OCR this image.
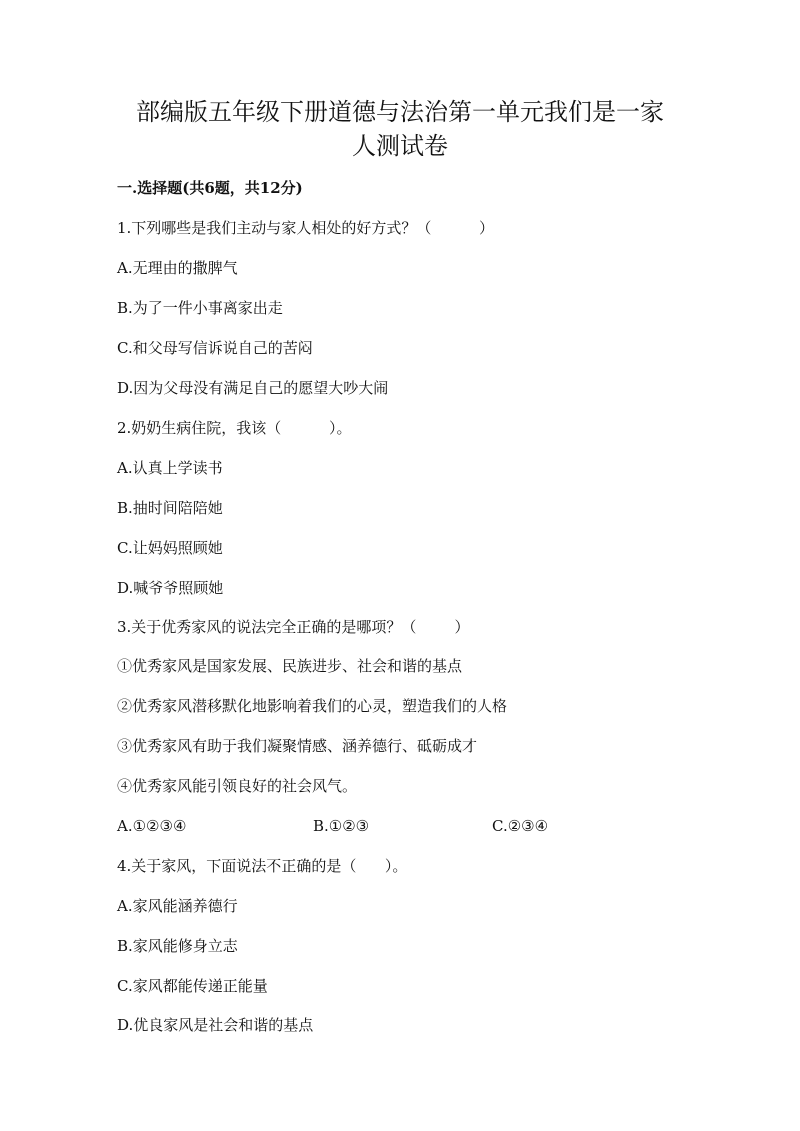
部编版五年级下册道德与法治第一单元我们是一家
人测试卷
一.选择题(共6题，共12分)
1.下列哪些是我们主动与家人相处的好方式？（          ）
A.无理由的撒脾气
B.为了一件小事离家出走
C.和父母写信诉说自己的苦闷
D.因为父母没有满足自己的愿望大吵大闹
2.奶奶生病住院，我该（          ）。
A.认真上学读书
B.抽时间陪陪她
C.让妈妈照顾她
D.喊爷爷照顾她
3.关于优秀家风的说法完全正确的是哪项？（        ）
①优秀家风是国家发展、民族进步、社会和谐的基点
②优秀家风潜移默化地影响着我们的心灵，塑造我们的人格
③优秀家风有助于我们凝聚情感、涵养德行、砥砺成才
④优秀家风能引领良好的社会风气。
A.①②③④	B.①②③	C.②③④
4.关于家风，下面说法不正确的是（      ）。
A.家风能涵养德行
B.家风能修身立志
C.家风都能传递正能量
D.优良家风是社会和谐的基点
